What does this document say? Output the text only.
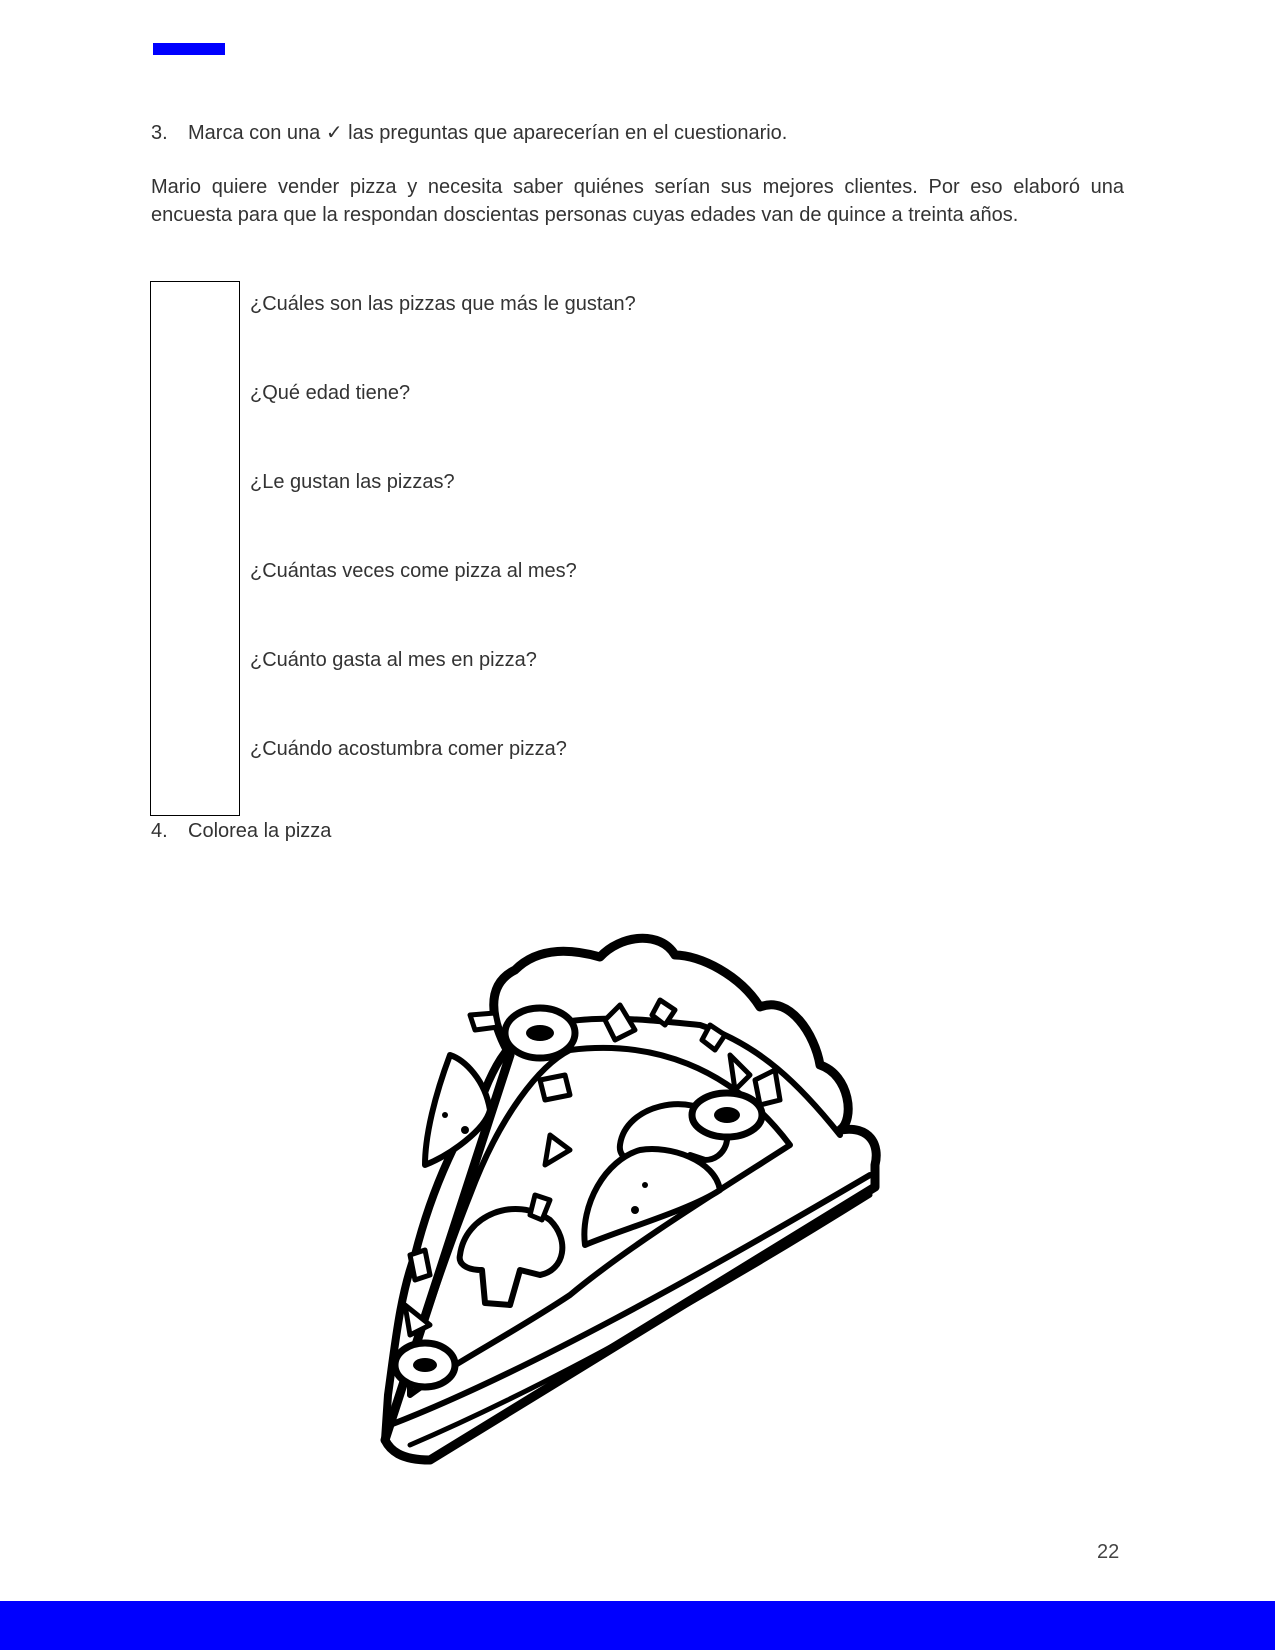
3. Marca con una ✓ las preguntas que aparecerían en el cuestionario.

Mario quiere vender pizza y necesita saber quiénes serían sus mejores clientes. Por eso elaboró una encuesta para que la respondan doscientas personas cuyas edades van de quince a treinta años.

¿Cuáles son las pizzas que más le gustan?
¿Qué edad tiene?
¿Le gustan las pizzas?
¿Cuántas veces come pizza al mes?
¿Cuánto gasta al mes en pizza?
¿Cuándo acostumbra comer pizza?
4. Colorea la pizza
22
